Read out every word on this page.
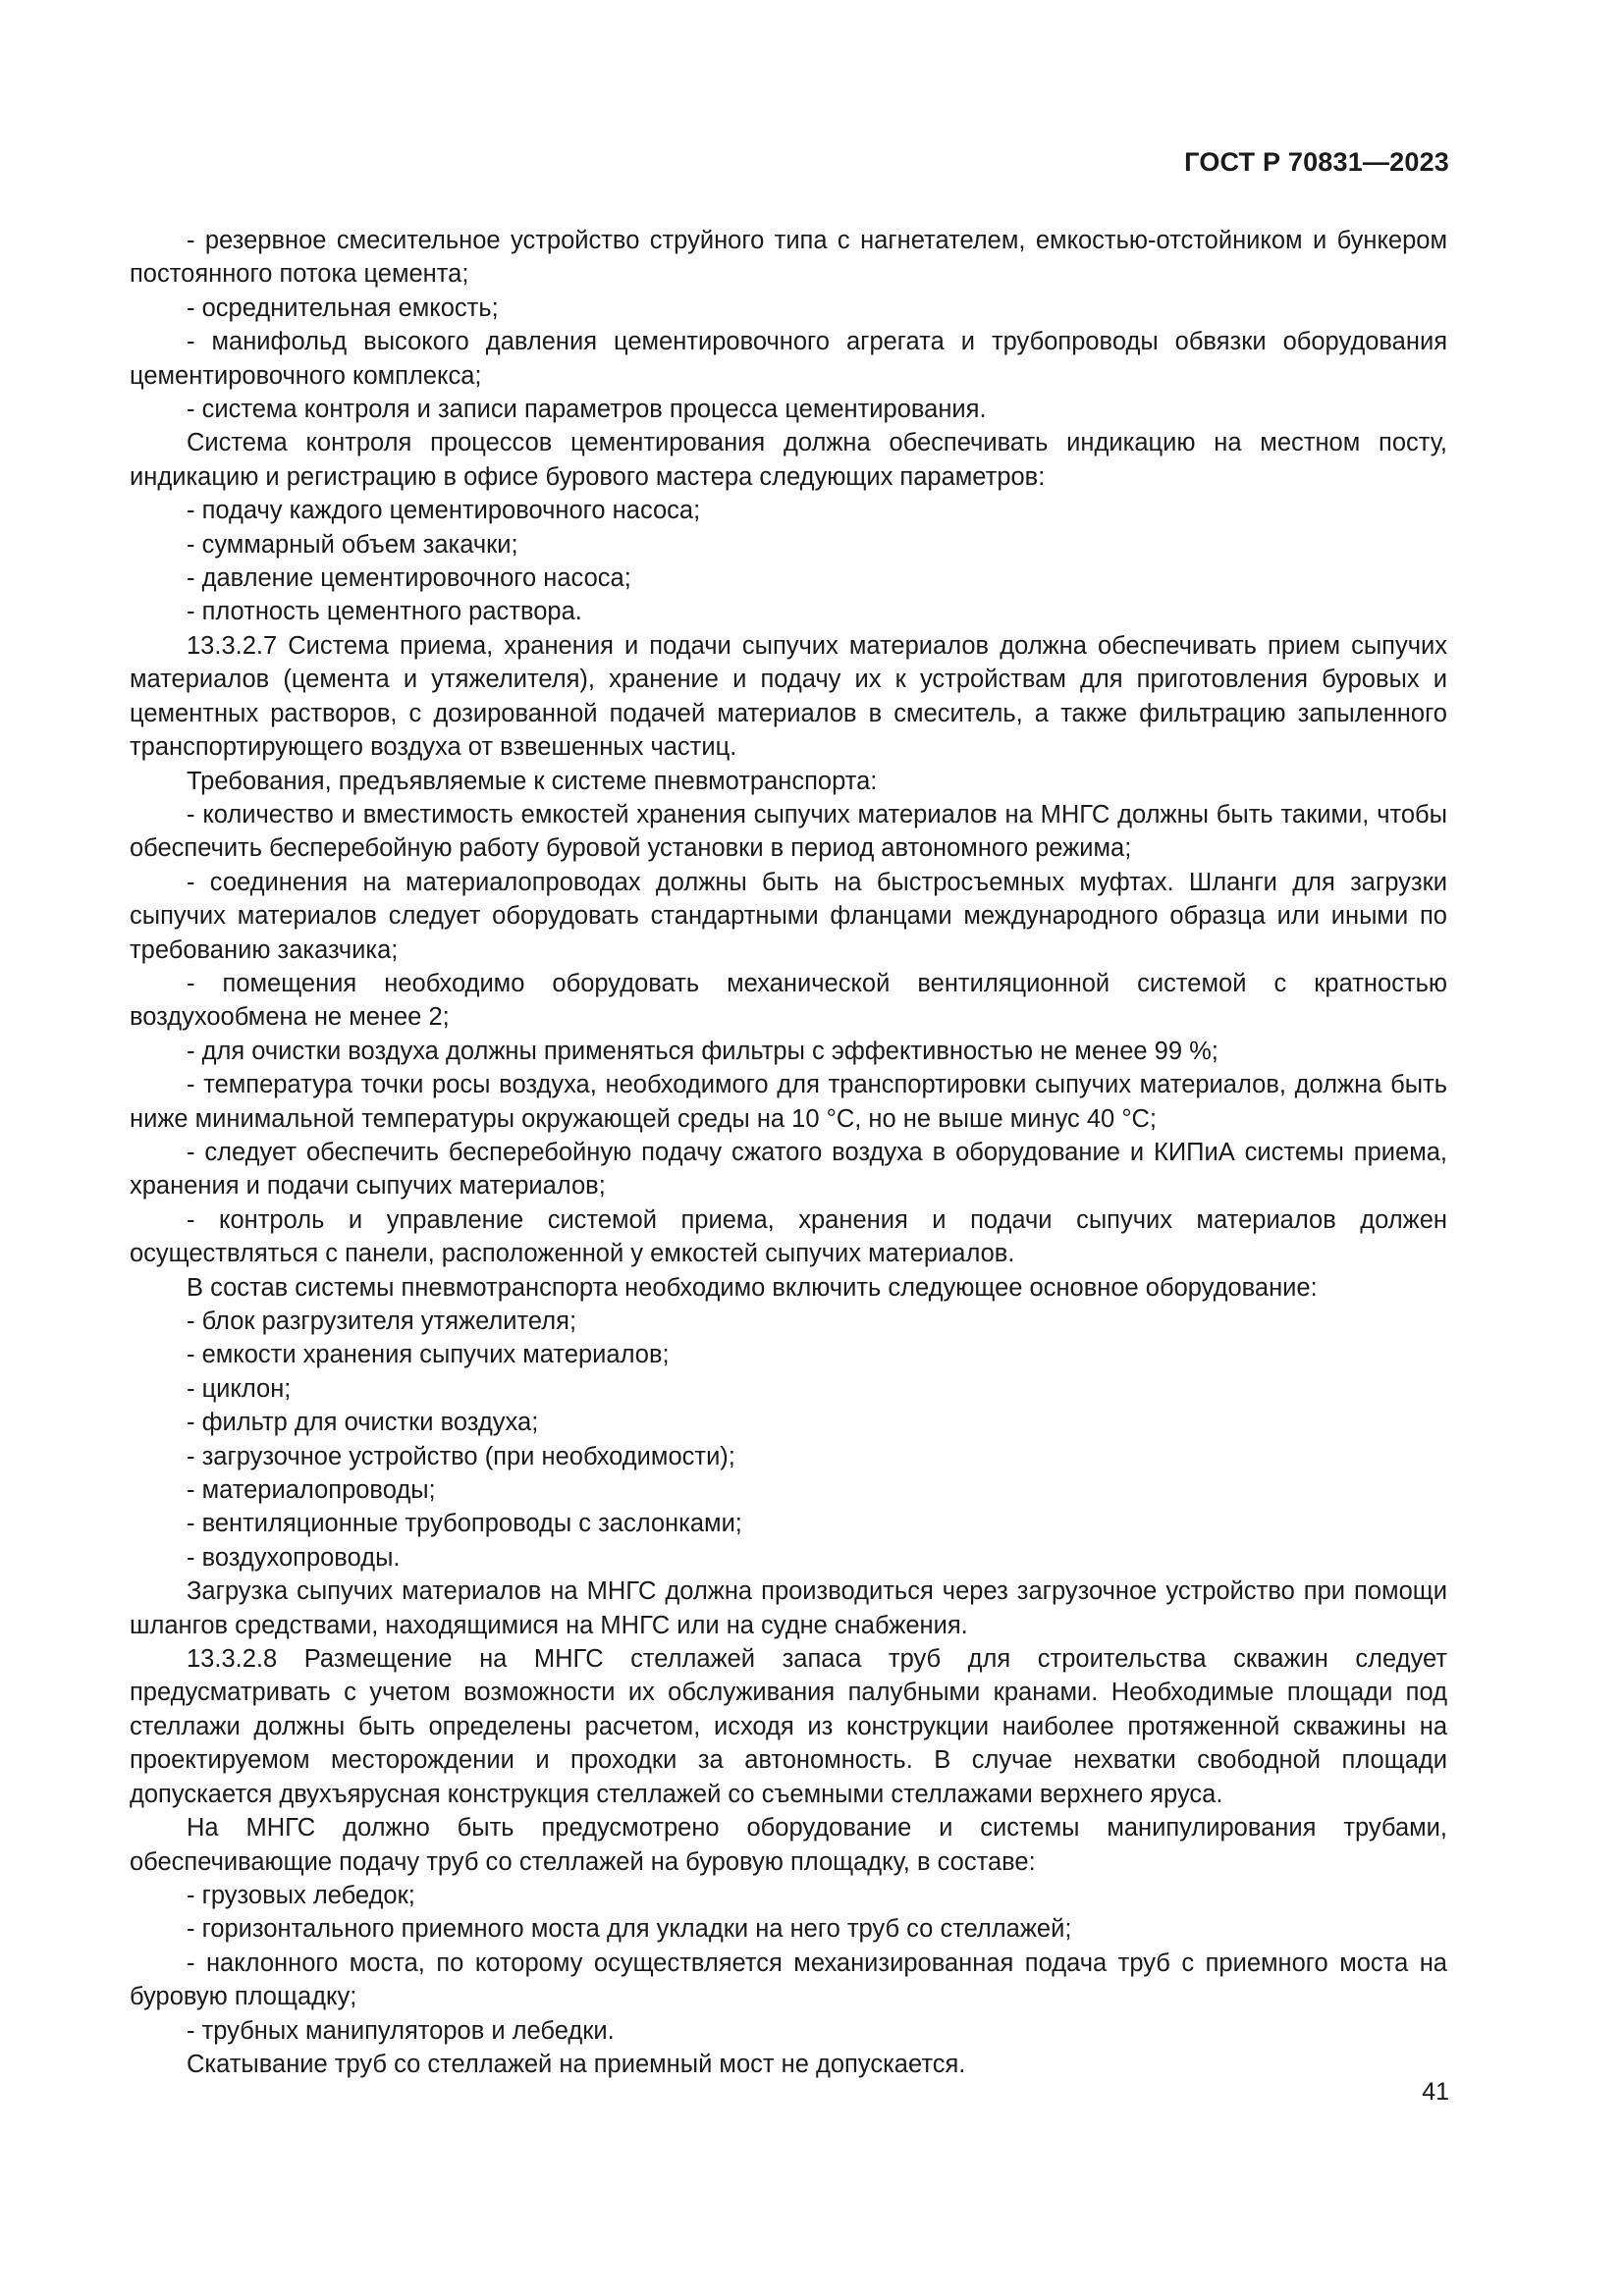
ГОСТ Р 70831—2023

- резервное смесительное устройство струйного типа с нагнетателем, емкостью-отстойником и бункером постоянного потока цемента;

- осреднительная емкость;

- манифольд высокого давления цементировочного агрегата и трубопроводы обвязки оборудования цементировочного комплекса;

- система контроля и записи параметров процесса цементирования.

Система контроля процессов цементирования должна обеспечивать индикацию на местном посту, индикацию и регистрацию в офисе бурового мастера следующих параметров:

- подачу каждого цементировочного насоса;

- суммарный объем закачки;

- давление цементировочного насоса;

- плотность цементного раствора.

13.3.2.7 Система приема, хранения и подачи сыпучих материалов должна обеспечивать прием сыпучих материалов (цемента и утяжелителя), хранение и подачу их к устройствам для приготовления буровых и цементных растворов, с дозированной подачей материалов в смеситель, а также фильтрацию запыленного транспортирующего воздуха от взвешенных частиц.

Требования, предъявляемые к системе пневмотранспорта:

- количество и вместимость емкостей хранения сыпучих материалов на МНГС должны быть такими, чтобы обеспечить бесперебойную работу буровой установки в период автономного режима;

- соединения на материалопроводах должны быть на быстросъемных муфтах. Шланги для загрузки сыпучих материалов следует оборудовать стандартными фланцами международного образца или иными по требованию заказчика;

- помещения необходимо оборудовать механической вентиляционной системой с кратностью воздухообмена не менее 2;

- для очистки воздуха должны применяться фильтры с эффективностью не менее 99 %;

- температура точки росы воздуха, необходимого для транспортировки сыпучих материалов, должна быть ниже минимальной температуры окружающей среды на 10 °С, но не выше минус 40 °С;

- следует обеспечить бесперебойную подачу сжатого воздуха в оборудование и КИПиА системы приема, хранения и подачи сыпучих материалов;

- контроль и управление системой приема, хранения и подачи сыпучих материалов должен осуществляться с панели, расположенной у емкостей сыпучих материалов.

В состав системы пневмотранспорта необходимо включить следующее основное оборудование:

- блок разгрузителя утяжелителя;

- емкости хранения сыпучих материалов;

- циклон;

- фильтр для очистки воздуха;

- загрузочное устройство (при необходимости);

- материалопроводы;

- вентиляционные трубопроводы с заслонками;

- воздухопроводы.

Загрузка сыпучих материалов на МНГС должна производиться через загрузочное устройство при помощи шлангов средствами, находящимися на МНГС или на судне снабжения.

13.3.2.8 Размещение на МНГС стеллажей запаса труб для строительства скважин следует предусматривать с учетом возможности их обслуживания палубными кранами. Необходимые площади под стеллажи должны быть определены расчетом, исходя из конструкции наиболее протяженной скважины на проектируемом месторождении и проходки за автономность. В случае нехватки свободной площади допускается двухъярусная конструкция стеллажей со съемными стеллажами верхнего яруса.

На МНГС должно быть предусмотрено оборудование и системы манипулирования трубами, обеспечивающие подачу труб со стеллажей на буровую площадку, в составе:

- грузовых лебедок;

- горизонтального приемного моста для укладки на него труб со стеллажей;

- наклонного моста, по которому осуществляется механизированная подача труб с приемного моста на буровую площадку;

- трубных манипуляторов и лебедки.

Скатывание труб со стеллажей на приемный мост не допускается.

41
